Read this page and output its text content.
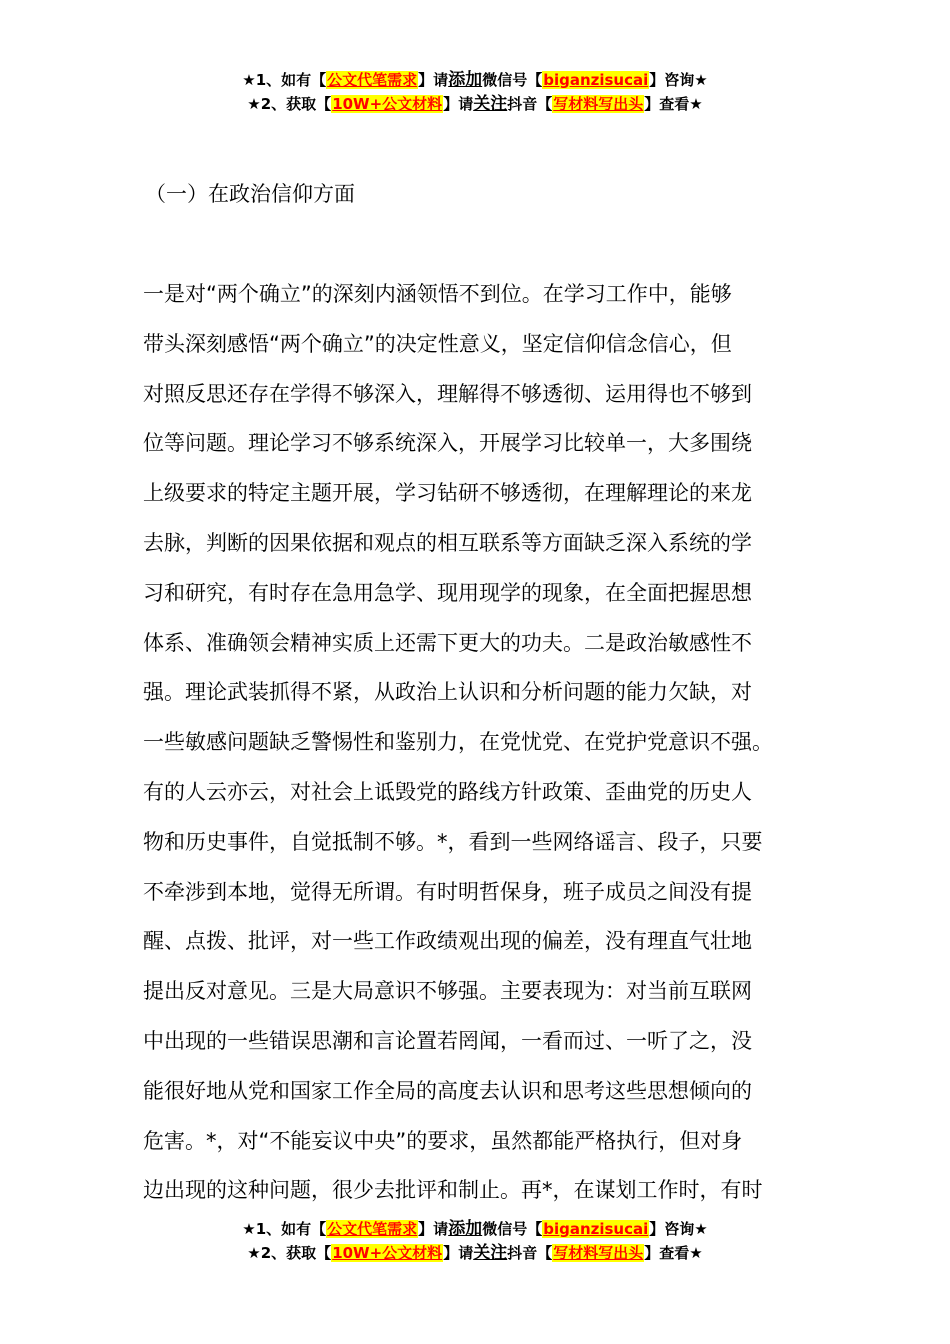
★1、如有【公文代笔需求】请添加微信号【biganzisucai】咨询★
★2、获取【10W+公文材料】请关注抖音【写材料写出头】查看★
（一）在政治信仰方面
一是对“两个确立”的深刻内涵领悟不到位。在学习工作中，能够
带头深刻感悟“两个确立”的决定性意义，坚定信仰信念信心，但
对照反思还存在学得不够深入，理解得不够透彻、运用得也不够到
位等问题。理论学习不够系统深入，开展学习比较单一，大多围绕
上级要求的特定主题开展，学习钻研不够透彻，在理解理论的来龙
去脉，判断的因果依据和观点的相互联系等方面缺乏深入系统的学
习和研究，有时存在急用急学、现用现学的现象，在全面把握思想
体系、准确领会精神实质上还需下更大的功夫。二是政治敏感性不
强。理论武装抓得不紧，从政治上认识和分析问题的能力欠缺，对
一些敏感问题缺乏警惕性和鉴别力，在党忧党、在党护党意识不强。
有的人云亦云，对社会上诋毁党的路线方针政策、歪曲党的历史人
物和历史事件，自觉抵制不够。*，看到一些网络谣言、段子，只要
不牵涉到本地，觉得无所谓。有时明哲保身，班子成员之间没有提
醒、点拨、批评，对一些工作政绩观出现的偏差，没有理直气壮地
提出反对意见。三是大局意识不够强。主要表现为：对当前互联网
中出现的一些错误思潮和言论置若罔闻，一看而过、一听了之，没
能很好地从党和国家工作全局的高度去认识和思考这些思想倾向的
危害。*，对“不能妄议中央”的要求，虽然都能严格执行，但对身
边出现的这种问题，很少去批评和制止。再*，在谋划工作时，有时
★1、如有【公文代笔需求】请添加微信号【biganzisucai】咨询★
★2、获取【10W+公文材料】请关注抖音【写材料写出头】查看★
